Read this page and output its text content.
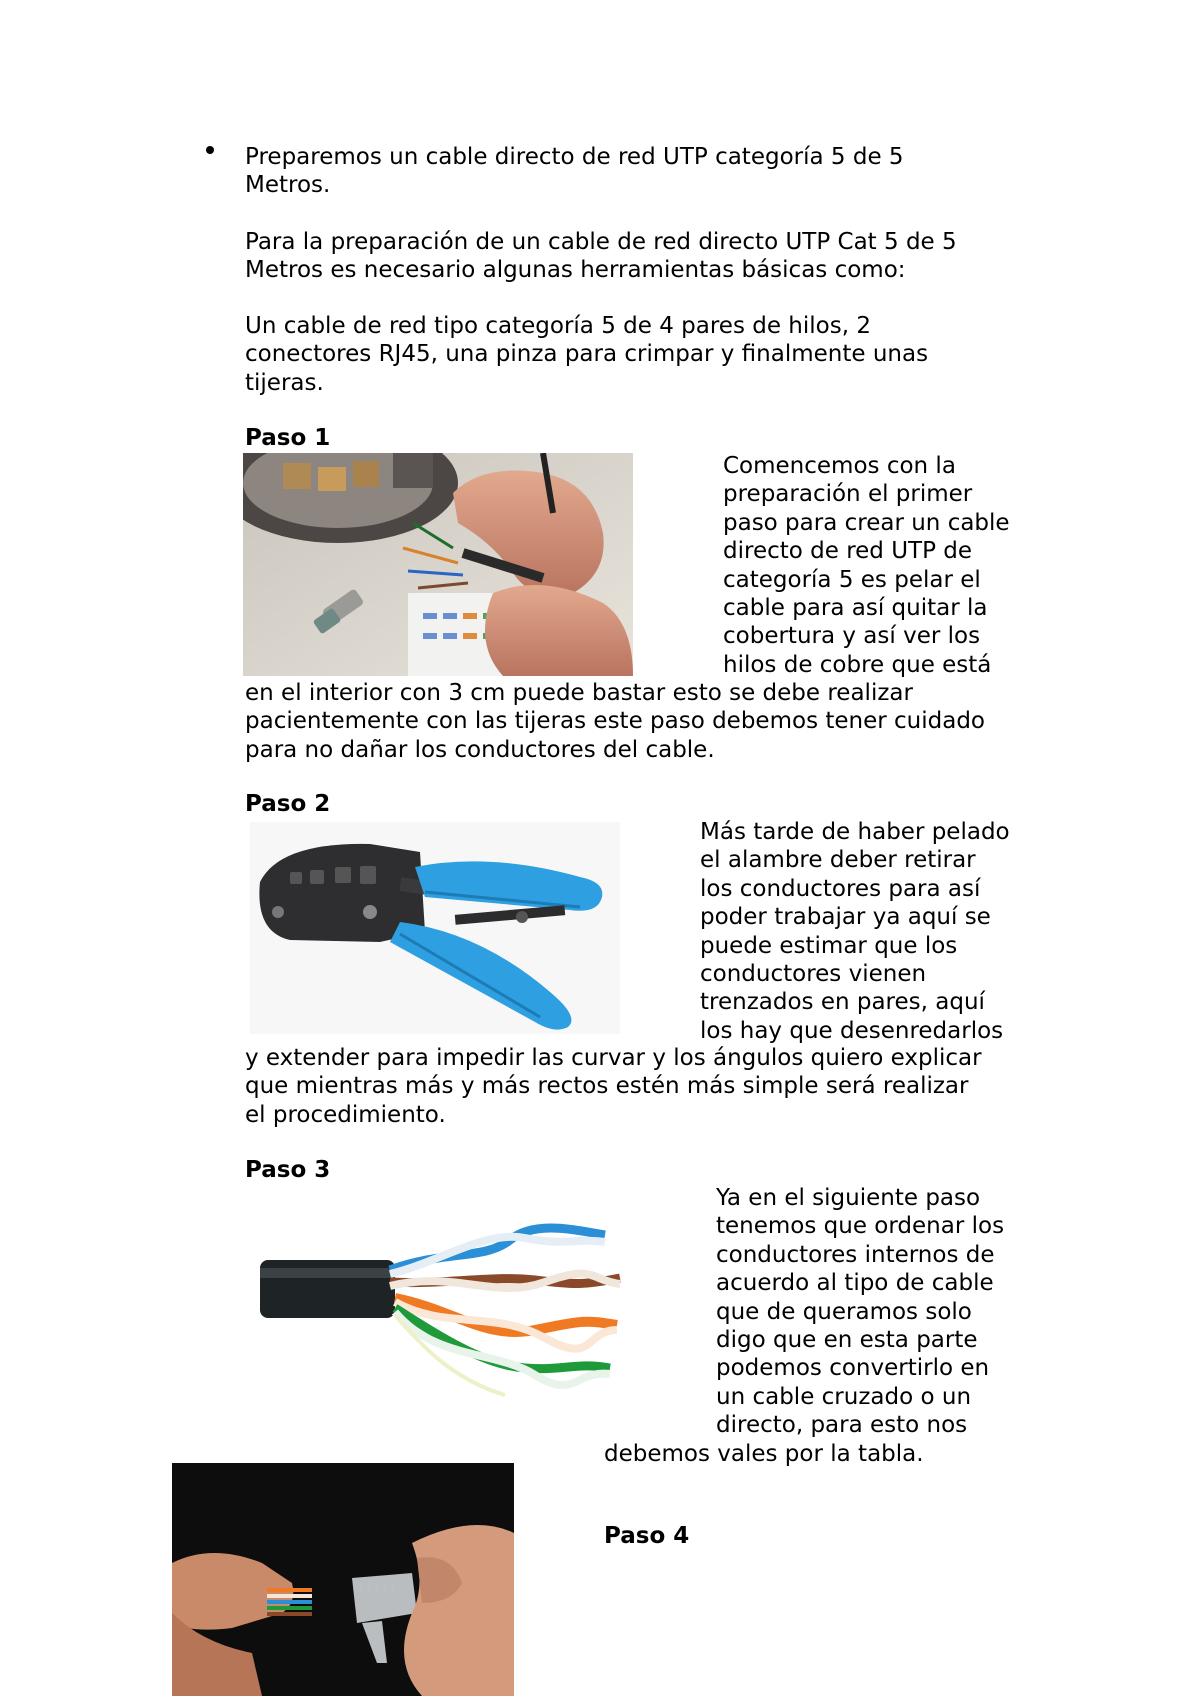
Preparemos un cable directo de red UTP categoría 5 de 5
Metros.
Para la preparación de un cable de red directo UTP Cat 5 de 5
Metros es necesario algunas herramientas básicas como:
Un cable de red tipo categoría 5 de 4 pares de hilos, 2
conectores RJ45, una pinza para crimpar y finalmente unas
tijeras.
Paso 1
Comencemos con la
preparación el primer
paso para crear un cable
directo de red UTP de
categoría 5 es pelar el
cable para así quitar la
cobertura y así ver los
hilos de cobre que está
en el interior con 3 cm puede bastar esto se debe realizar
pacientemente con las tijeras este paso debemos tener cuidado
para no dañar los conductores del cable.
Paso 2
Más tarde de haber pelado
el alambre deber retirar
los conductores para así
poder trabajar ya aquí se
puede estimar que los
conductores vienen
trenzados en pares, aquí
los hay que desenredarlos
y extender para impedir las curvar y los ángulos quiero explicar
que mientras más y más rectos estén más simple será realizar
el procedimiento.
Paso 3
Ya en el siguiente paso
tenemos que ordenar los
conductores internos de
acuerdo al tipo de cable
que de queramos solo
digo que en esta parte
podemos convertirlo en
un cable cruzado o un
directo, para esto nos
debemos vales por la tabla.
Paso 4
